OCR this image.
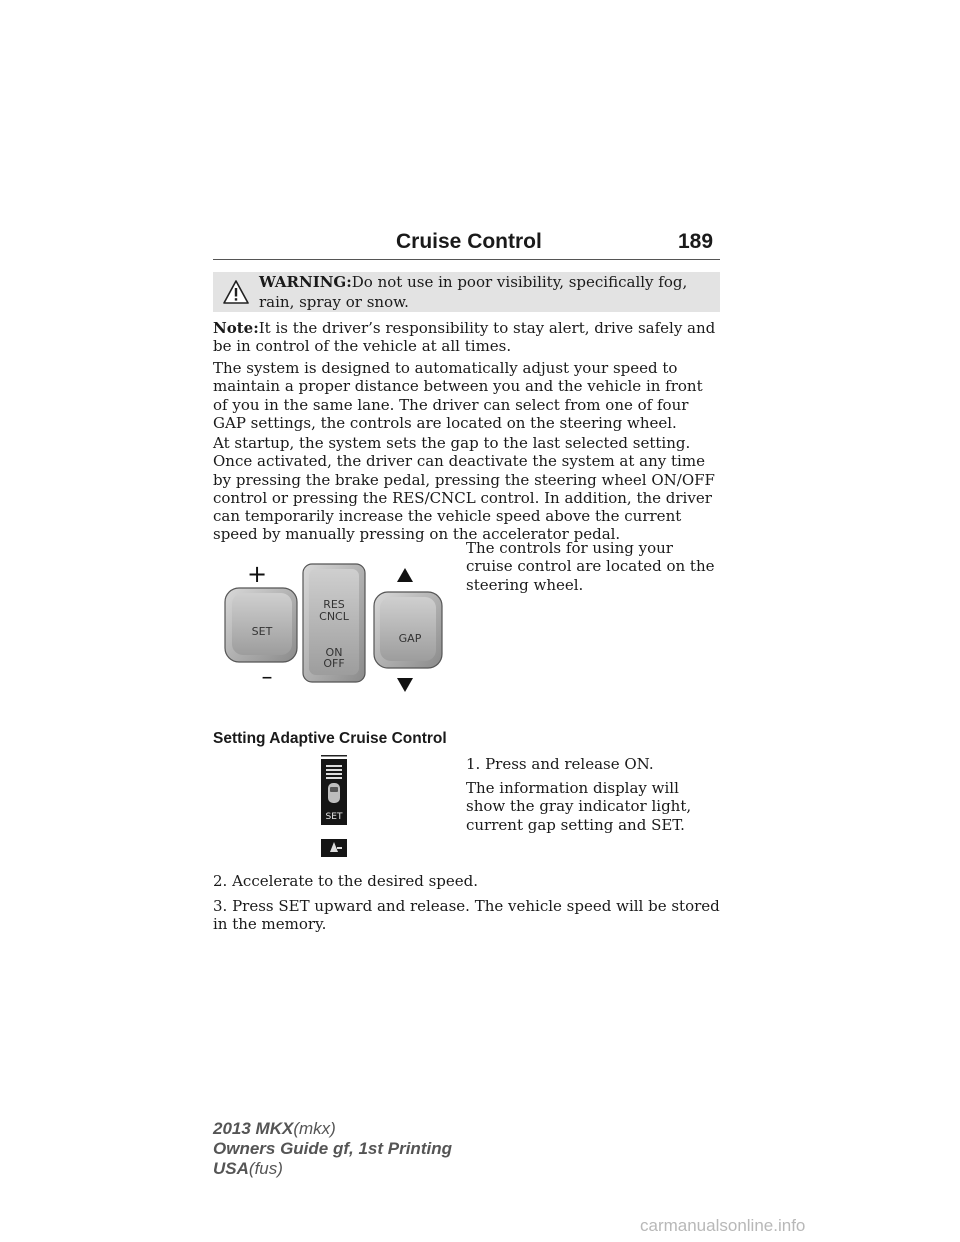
Cruise Control	189
WARNING:Do not use in poor visibility, specifically fog, rain, spray or snow.

Note:It is the driver’s responsibility to stay alert, drive safely and be in control of the vehicle at all times.

The system is designed to automatically adjust your speed to maintain a proper distance between you and the vehicle in front of you in the same lane. The driver can select from one of four GAP settings, the controls are located on the steering wheel.

At startup, the system sets the gap to the last selected setting. Once activated, the driver can deactivate the system at any time by pressing the brake pedal, pressing the steering wheel ON/OFF control or pressing the RES/CNCL control. In addition, the driver can temporarily increase the vehicle speed above the current speed by manually pressing on the accelerator pedal.

The controls for using your cruise control are located on the steering wheel.

+
–
SET
RES
CNCL
ON
OFF
GAP
Setting Adaptive Cruise Control

1. Press and release ON.

The information display will show the gray indicator light, current gap setting and SET.

SET

2. Accelerate to the desired speed.

3. Press SET upward and release. The vehicle speed will be stored in the memory.

2013 MKX(mkx)
Owners Guide gf, 1st Printing
USA(fus)
carmanualsonline.info
